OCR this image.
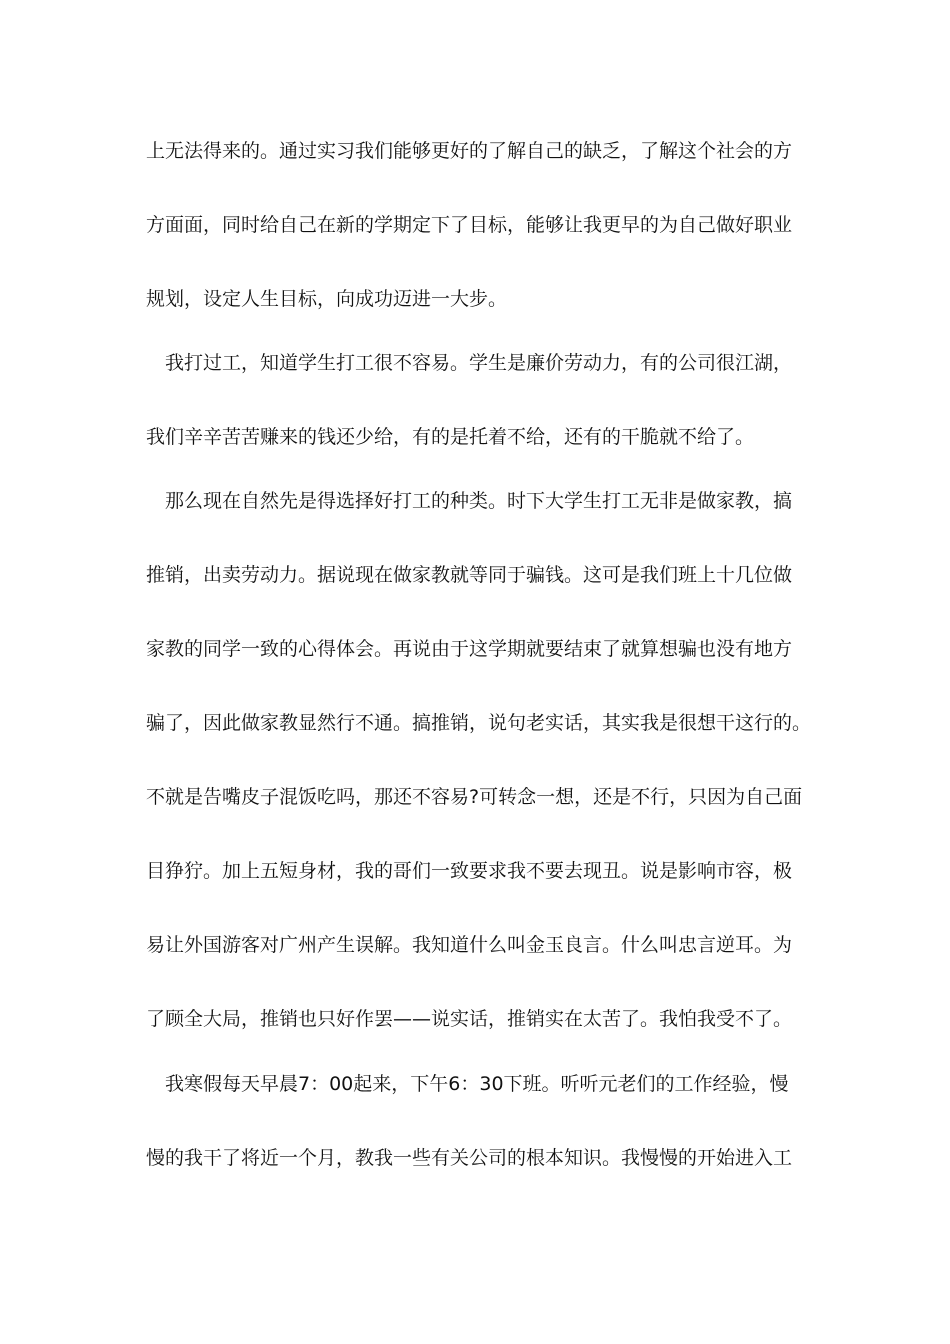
上无法得来的。通过实习我们能够更好的了解自己的缺乏，了解这个社会的方
方面面，同时给自己在新的学期定下了目标，能够让我更早的为自己做好职业
规划，设定人生目标，向成功迈进一大步。
我打过工，知道学生打工很不容易。学生是廉价劳动力，有的公司很江湖，
我们辛辛苦苦赚来的钱还少给，有的是托着不给，还有的干脆就不给了。
那么现在自然先是得选择好打工的种类。时下大学生打工无非是做家教，搞
推销，出卖劳动力。据说现在做家教就等同于骗钱。这可是我们班上十几位做
家教的同学一致的心得体会。再说由于这学期就要结束了就算想骗也没有地方
骗了，因此做家教显然行不通。搞推销，说句老实话，其实我是很想干这行的。
不就是告嘴皮子混饭吃吗，那还不容易?可转念一想，还是不行，只因为自己面
目狰狞。加上五短身材，我的哥们一致要求我不要去现丑。说是影响市容，极
易让外国游客对广州产生误解。我知道什么叫金玉良言。什么叫忠言逆耳。为
了顾全大局，推销也只好作罢——说实话，推销实在太苦了。我怕我受不了。
我寒假每天早晨7：00起来，下午6：30下班。听听元老们的工作经验，慢
慢的我干了将近一个月，教我一些有关公司的根本知识。我慢慢的开始进入工
